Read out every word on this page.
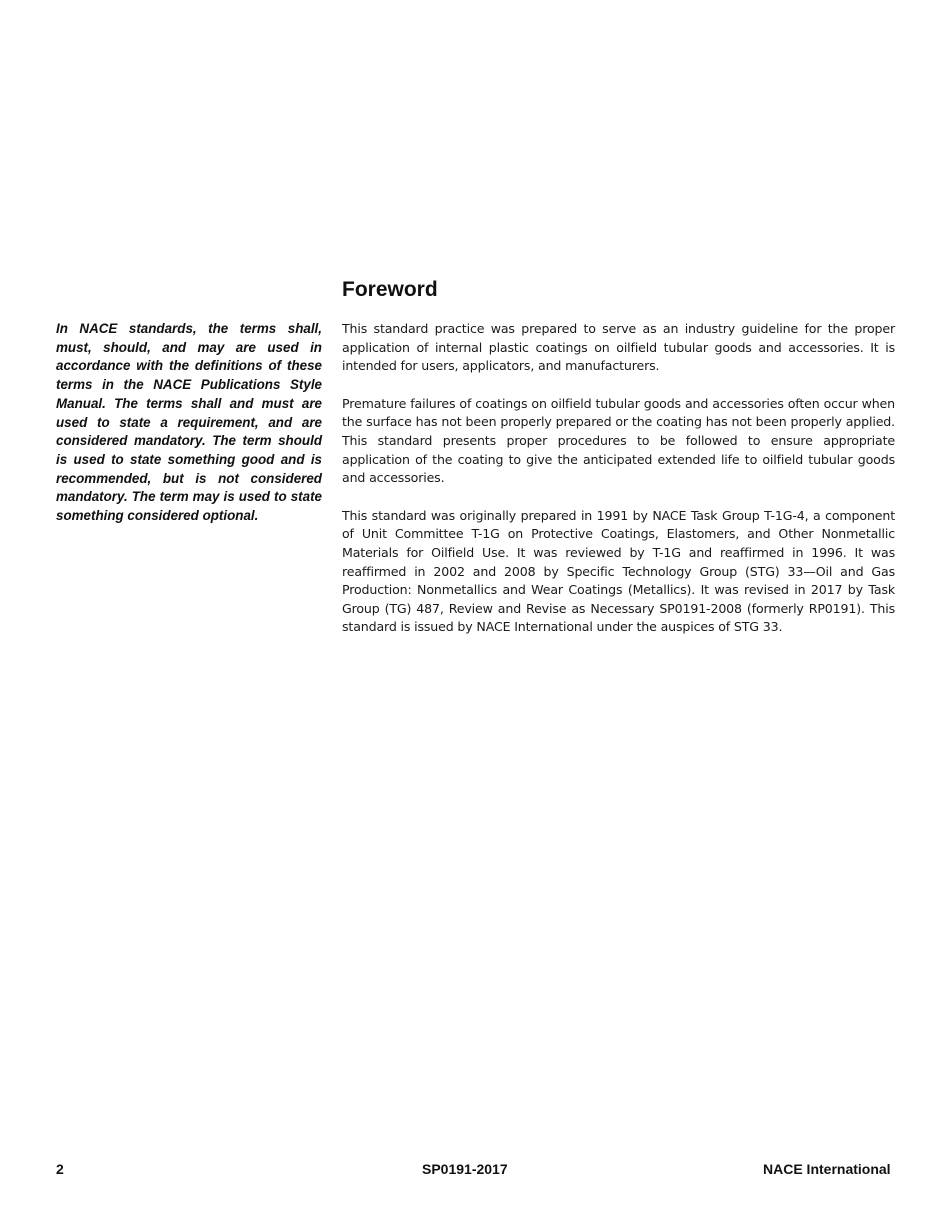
In NACE standards, the terms shall, must, should, and may are used in accordance with the definitions of these terms in the NACE Publications Style Manual. The terms shall and must are used to state a requirement, and are considered mandatory. The term should is used to state something good and is recommended, but is not considered mandatory. The term may is used to state something considered optional.

Foreword

This standard practice was prepared to serve as an industry guideline for the proper application of internal plastic coatings on oilfield tubular goods and accessories. It is intended for users, applicators, and manufacturers.

Premature failures of coatings on oilfield tubular goods and accessories often occur when the surface has not been properly prepared or the coating has not been properly applied. This standard presents proper procedures to be followed to ensure appropriate application of the coating to give the anticipated extended life to oilfield tubular goods and accessories.

This standard was originally prepared in 1991 by NACE Task Group T-1G-4, a component of Unit Committee T-1G on Protective Coatings, Elastomers, and Other Nonmetallic Materials for Oilfield Use. It was reviewed by T-1G and reaffirmed in 1996. It was reaffirmed in 2002 and 2008 by Specific Technology Group (STG) 33—Oil and Gas Production: Nonmetallics and Wear Coatings (Metallics). It was revised in 2017 by Task Group (TG) 487, Review and Revise as Necessary SP0191-2008 (formerly RP0191). This standard is issued by NACE International under the auspices of STG 33.

2	SP0191-2017	NACE International
